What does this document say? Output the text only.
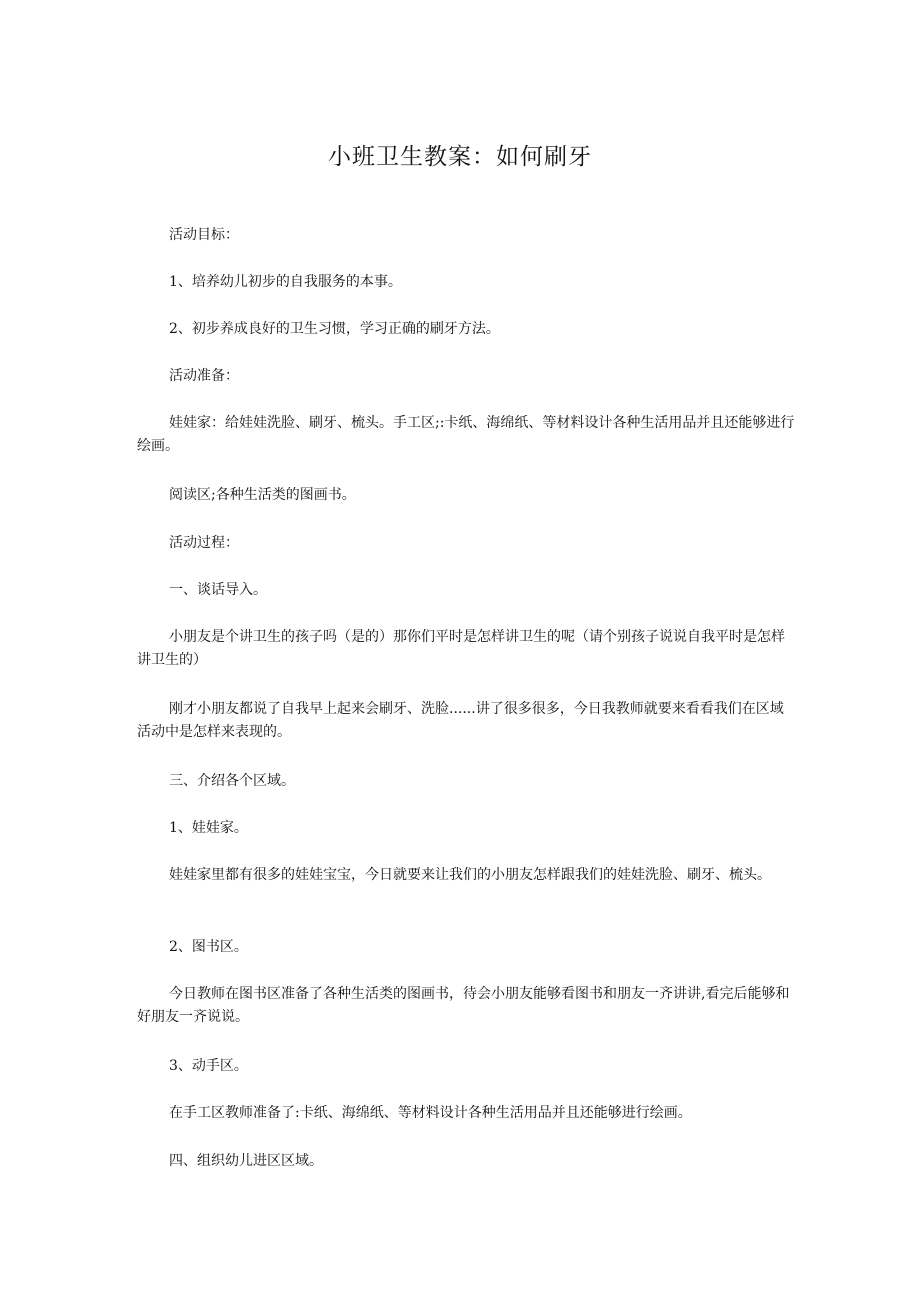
小班卫生教案：如何刷牙

活动目标：

1、培养幼儿初步的自我服务的本事。

2、初步养成良好的卫生习惯，学习正确的刷牙方法。

活动准备：

娃娃家：给娃娃洗脸、刷牙、梳头。手工区;:卡纸、海绵纸、等材料设计各种生活用品并且还能够进行绘画。

阅读区;各种生活类的图画书。

活动过程：

一、谈话导入。

小朋友是个讲卫生的孩子吗（是的）那你们平时是怎样讲卫生的呢（请个别孩子说说自我平时是怎样讲卫生的）

刚才小朋友都说了自我早上起来会刷牙、洗脸......讲了很多很多，今日我教师就要来看看我们在区域活动中是怎样来表现的。

三、介绍各个区域。

1、娃娃家。

娃娃家里都有很多的娃娃宝宝，今日就要来让我们的小朋友怎样跟我们的娃娃洗脸、刷牙、梳头。

2、图书区。

今日教师在图书区准备了各种生活类的图画书，待会小朋友能够看图书和朋友一齐讲讲,看完后能够和好朋友一齐说说。

3、动手区。

在手工区教师准备了:卡纸、海绵纸、等材料设计各种生活用品并且还能够进行绘画。

四、组织幼儿进区区域。
